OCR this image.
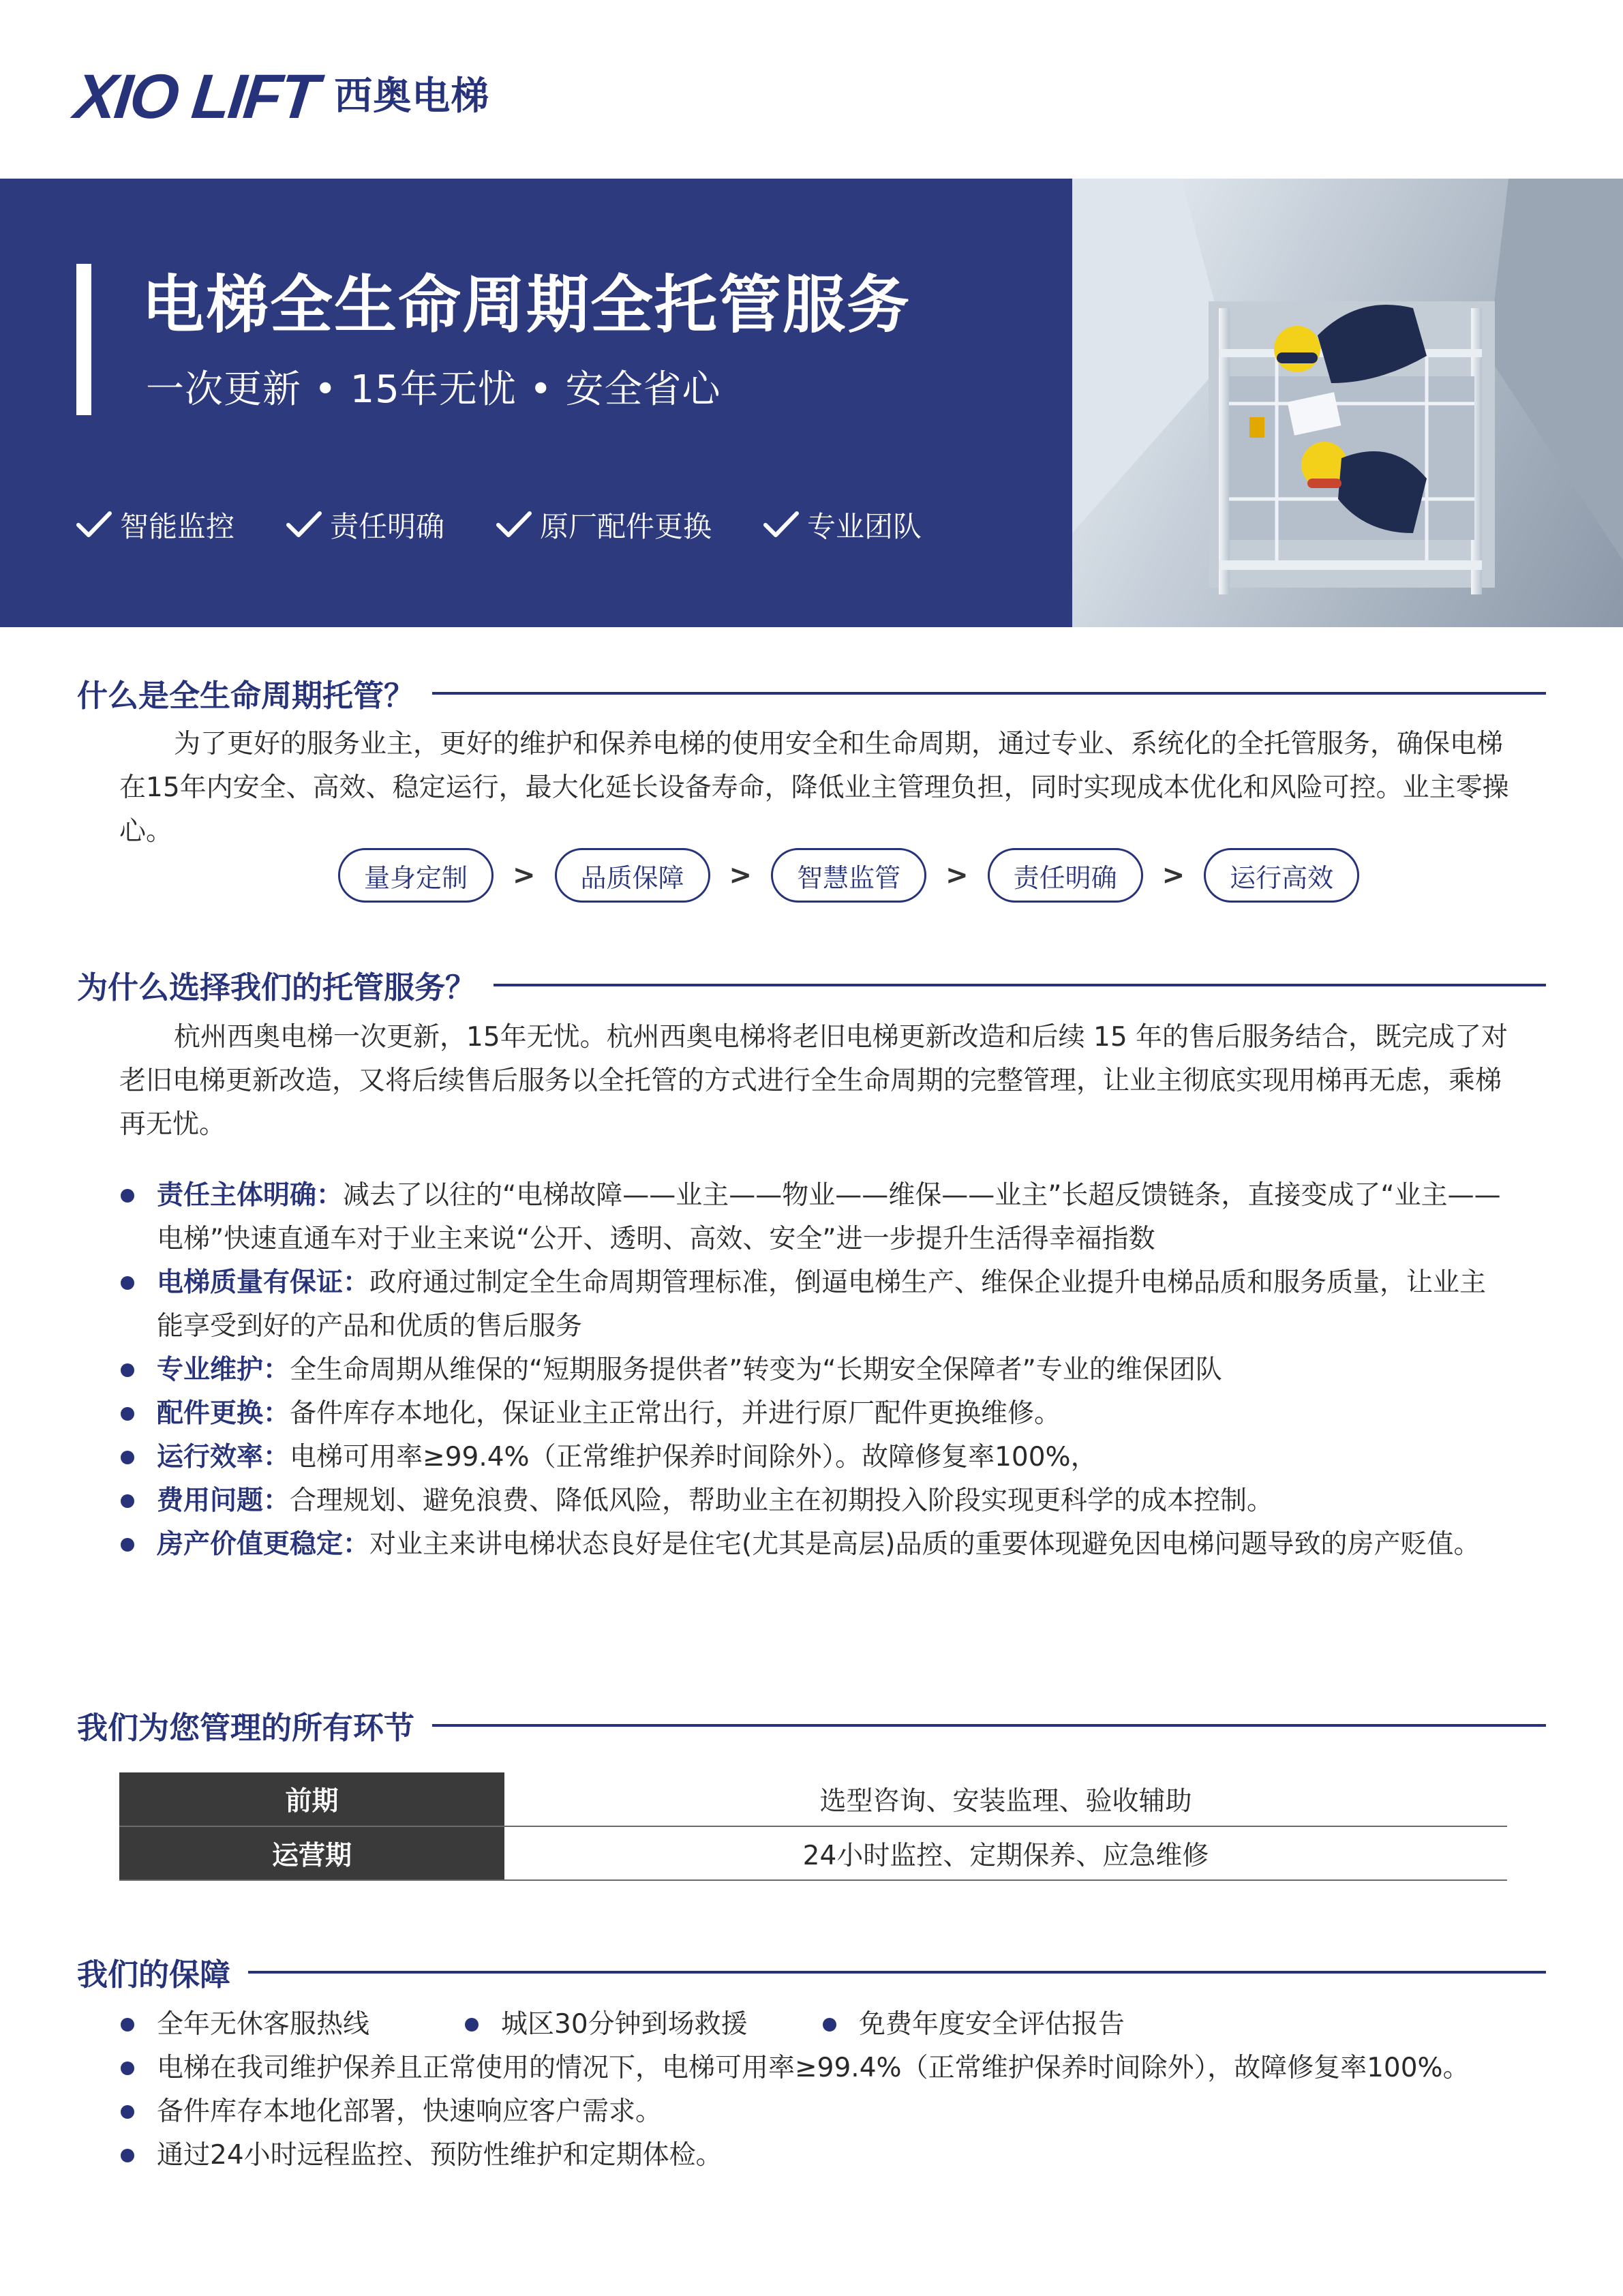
XIO LIFT 西奥电梯
电梯全生命周期全托管服务
一次更新 • 15年无忧 • 安全省心
智能监控	责任明确	原厂配件更换	专业团队
什么是全生命周期托管？

为了更好的服务业主，更好的维护和保养电梯的使用安全和生命周期，通过专业、系统化的全托管服务，确保电梯在15年内安全、高效、稳定运行，最大化延长设备寿命，降低业主管理负担，同时实现成本优化和风险可控。业主零操心。

量身定制	>	品质保障	>	智慧监管	>	责任明确	>	运行高效
为什么选择我们的托管服务？

杭州西奥电梯一次更新，15年无忧。杭州西奥电梯将老旧电梯更新改造和后续 15 年的售后服务结合，既完成了对老旧电梯更新改造，又将后续售后服务以全托管的方式进行全生命周期的完整管理，让业主彻底实现用梯再无虑，乘梯再无忧。

责任主体明确：减去了以往的“电梯故障——业主——物业——维保——业主”长超反馈链条，直接变成了“业主——电梯”快速直通车对于业主来说“公开、透明、高效、安全”进一步提升生活得幸福指数
电梯质量有保证：政府通过制定全生命周期管理标准，倒逼电梯生产、维保企业提升电梯品质和服务质量，让业主能享受到好的产品和优质的售后服务
专业维护：全生命周期从维保的“短期服务提供者”转变为“长期安全保障者”专业的维保团队
配件更换：备件库存本地化，保证业主正常出行，并进行原厂配件更换维修。
运行效率：电梯可用率≥99.4%（正常维护保养时间除外）。故障修复率100%，
费用问题：合理规划、避免浪费、降低风险，帮助业主在初期投入阶段实现更科学的成本控制。
房产价值更稳定：对业主来讲电梯状态良好是住宅(尤其是高层)品质的重要体现避免因电梯问题导致的房产贬值。
我们为您管理的所有环节
前期	选型咨询、安装监理、验收辅助
运营期	24小时监控、定期保养、应急维修
我们的保障
全年无休客服热线	城区30分钟到场救援	免费年度安全评估报告
电梯在我司维护保养且正常使用的情况下，电梯可用率≥99.4%（正常维护保养时间除外），故障修复率100%。
备件库存本地化部署，快速响应客户需求。
通过24小时远程监控、预防性维护和定期体检。
